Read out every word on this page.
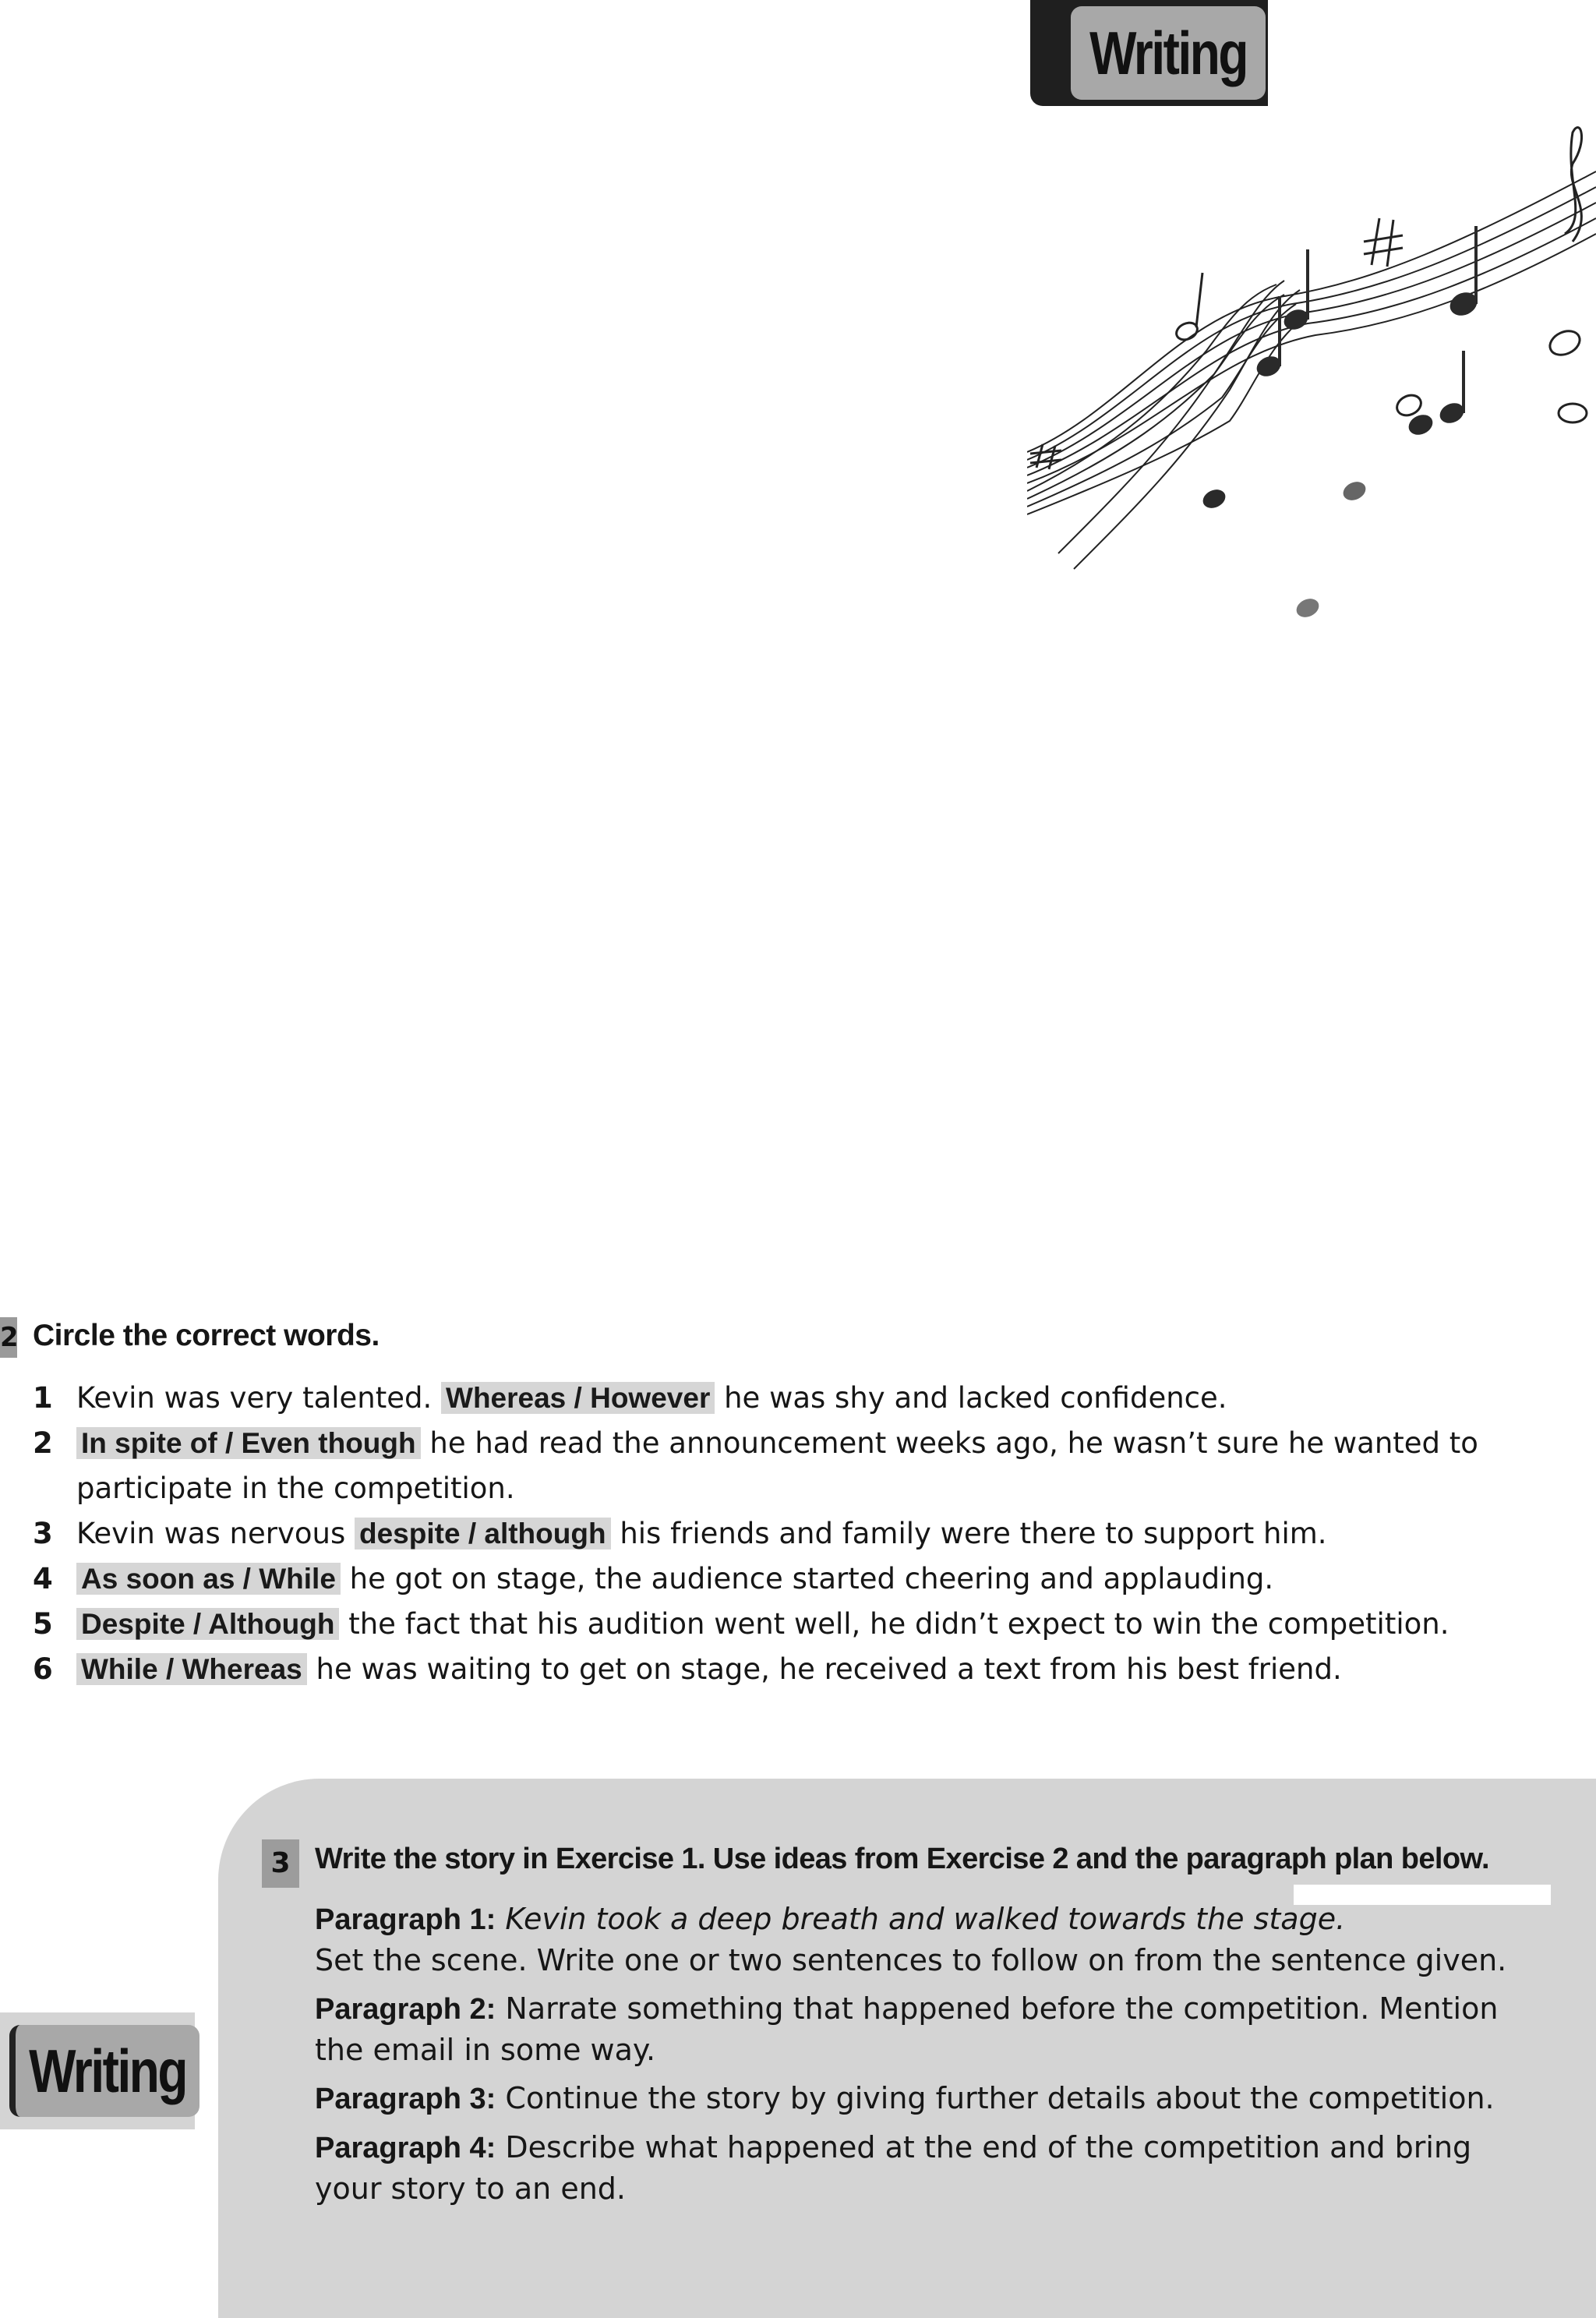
Writing
2 Circle the correct words.
1 Kevin was very talented. Whereas / However he was shy and lacked confidence.
2 In spite of / Even though he had read the announcement weeks ago, he wasn’t sure he wanted to
participate in the competition.
3 Kevin was nervous despite / although his friends and family were there to support him.
4 As soon as / While he got on stage, the audience started cheering and applauding.
5 Despite / Although the fact that his audition went well, he didn’t expect to win the competition.
6 While / Whereas he was waiting to get on stage, he received a text from his best friend.
3 Write the story in Exercise 1. Use ideas from Exercise 2 and the paragraph plan below.

Paragraph 1: Kevin took a deep breath and walked towards the stage.
Set the scene. Write one or two sentences to follow on from the sentence given.

Paragraph 2: Narrate something that happened before the competition. Mention the email in some way.

Paragraph 3: Continue the story by giving further details about the competition.

Paragraph 4: Describe what happened at the end of the competition and bring your story to an end.

Writing
